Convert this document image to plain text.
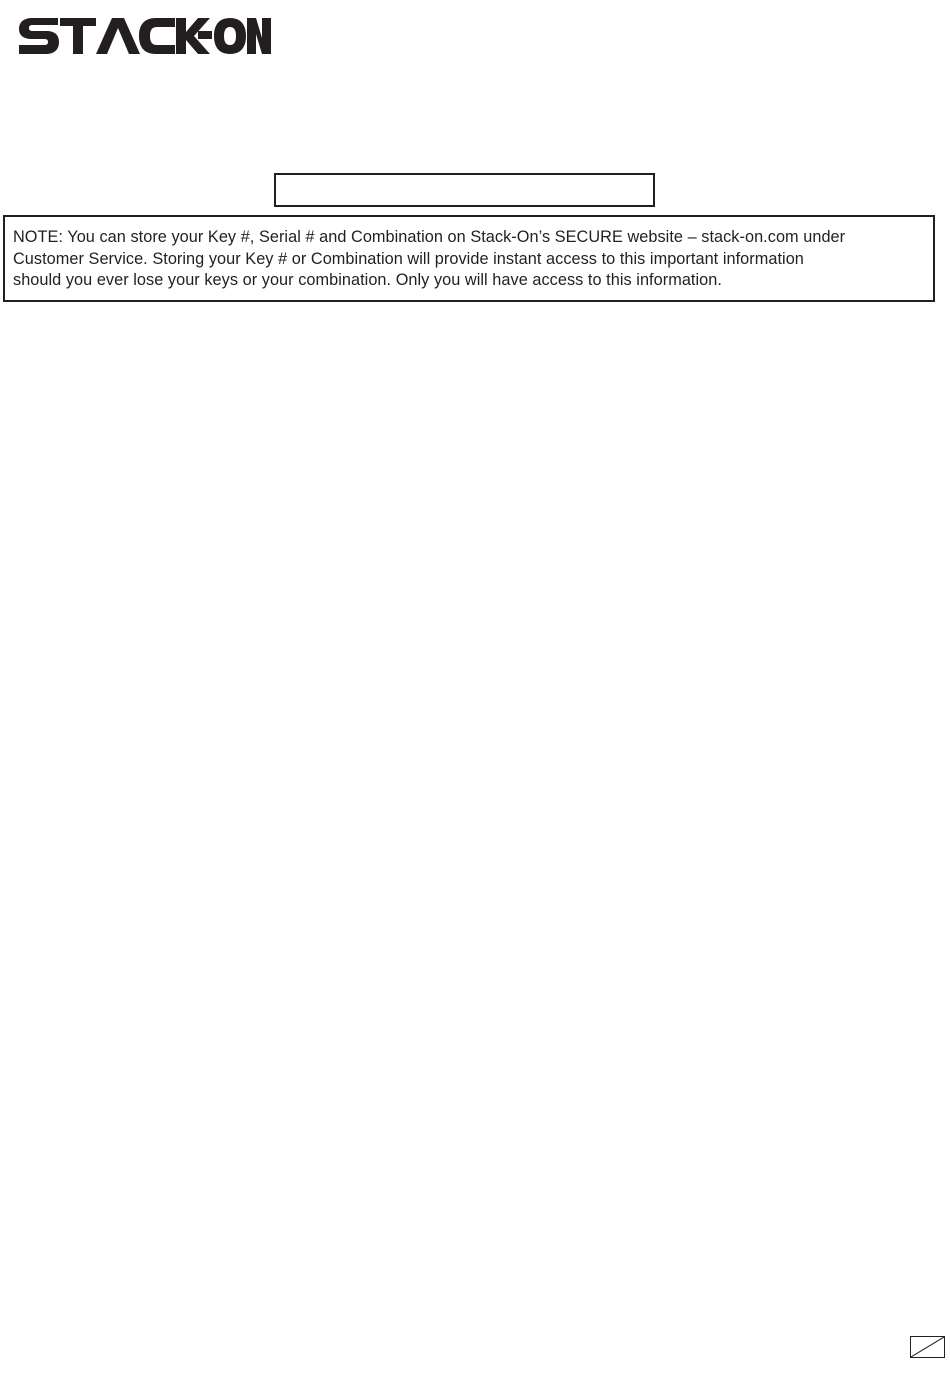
NOTE: You can store your Key #, Serial # and Combination on Stack-On’s SECURE website – stack-on.com under
Customer Service. Storing your Key # or Combination will provide instant access to this important information
should you ever lose your keys or your combination. Only you will have access to this information.
